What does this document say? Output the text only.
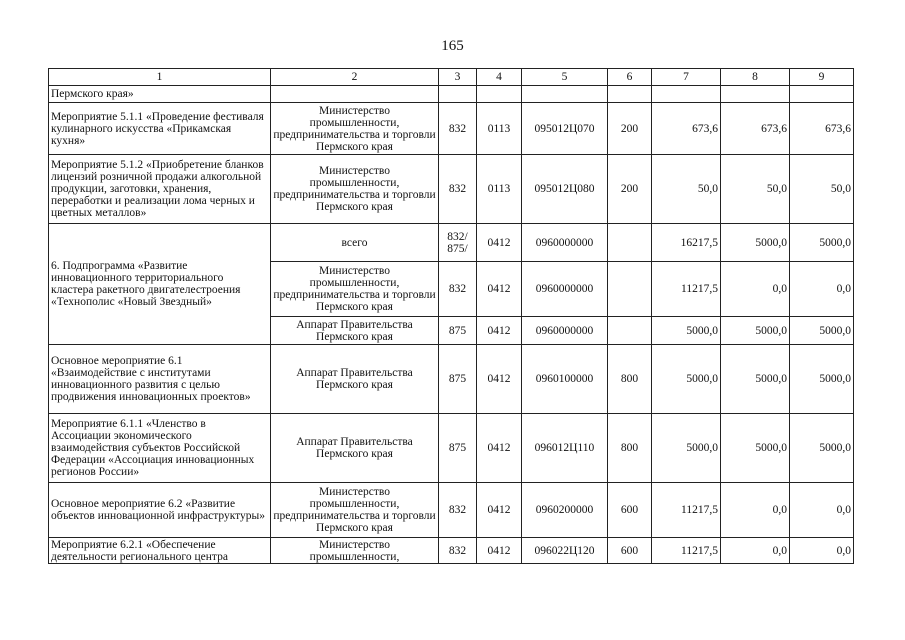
165
1	2	3	4	5	6	7	8	9
Пермского края»								
Мероприятие 5.1.1 «Проведение фестиваля кулинарного искусства «Прикамская кухня»	Министерство промышленности, предпринимательства и торговли Пермского края	832	0113	095012Ц070	200	673,6	673,6	673,6
Мероприятие 5.1.2 «Приобретение бланков лицензий розничной продажи алкогольной продукции, заготовки, хранения, переработки и реализации лома черных и цветных металлов»	Министерство промышленности, предпринимательства и торговли Пермского края	832	0113	095012Ц080	200	50,0	50,0	50,0
6. Подпрограмма «Развитие инновационного территориального кластера ракетного двигателестроения «Технополис «Новый Звездный»	всего	832/ 875/	0412	0960000000		16217,5	5000,0	5000,0
	Министерство промышленности, предпринимательства и торговли Пермского края	832	0412	0960000000		11217,5	0,0	0,0
	Аппарат Правительства Пермского края	875	0412	0960000000		5000,0	5000,0	5000,0
Основное мероприятие 6.1 «Взаимодействие с институтами инновационного развития с целью продвижения инновационных проектов»	Аппарат Правительства Пермского края	875	0412	0960100000	800	5000,0	5000,0	5000,0
Мероприятие 6.1.1 «Членство в Ассоциации экономического взаимодействия субъектов Российской Федерации «Ассоциация инновационных регионов России»	Аппарат Правительства Пермского края	875	0412	096012Ц110	800	5000,0	5000,0	5000,0
Основное мероприятие 6.2 «Развитие объектов инновационной инфраструктуры»	Министерство промышленности, предпринимательства и торговли Пермского края	832	0412	0960200000	600	11217,5	0,0	0,0
Мероприятие 6.2.1 «Обеспечение деятельности регионального центра	Министерство промышленности,	832	0412	096022Ц120	600	11217,5	0,0	0,0
